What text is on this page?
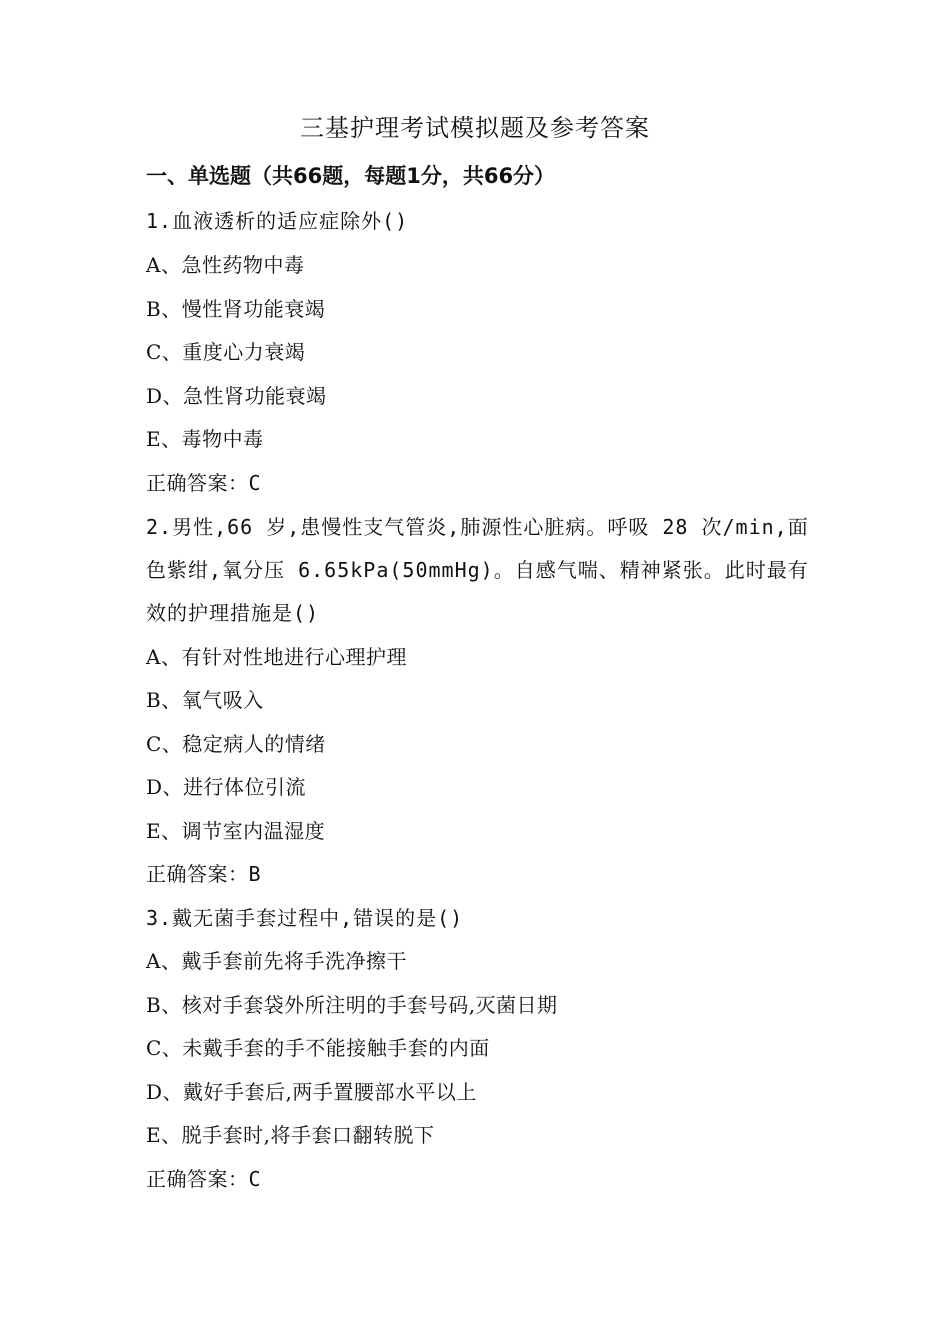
三基护理考试模拟题及参考答案
一、单选题（共66题，每题1分，共66分）
1.血液透析的适应症除外()
A、急性药物中毒
B、慢性肾功能衰竭
C、重度心力衰竭
D、急性肾功能衰竭
E、毒物中毒
正确答案：C
2.男性,66 岁,患慢性支气管炎,肺源性心脏病。呼吸 28 次/min,面
色紫绀,氧分压 6.65kPa(50mmHg)。自感气喘、精神紧张。此时最有
效的护理措施是()
A、有针对性地进行心理护理
B、氧气吸入
C、稳定病人的情绪
D、进行体位引流
E、调节室内温湿度
正确答案：B
3.戴无菌手套过程中,错误的是()
A、戴手套前先将手洗净擦干
B、核对手套袋外所注明的手套号码,灭菌日期
C、未戴手套的手不能接触手套的内面
D、戴好手套后,两手置腰部水平以上
E、脱手套时,将手套口翻转脱下
正确答案：C
